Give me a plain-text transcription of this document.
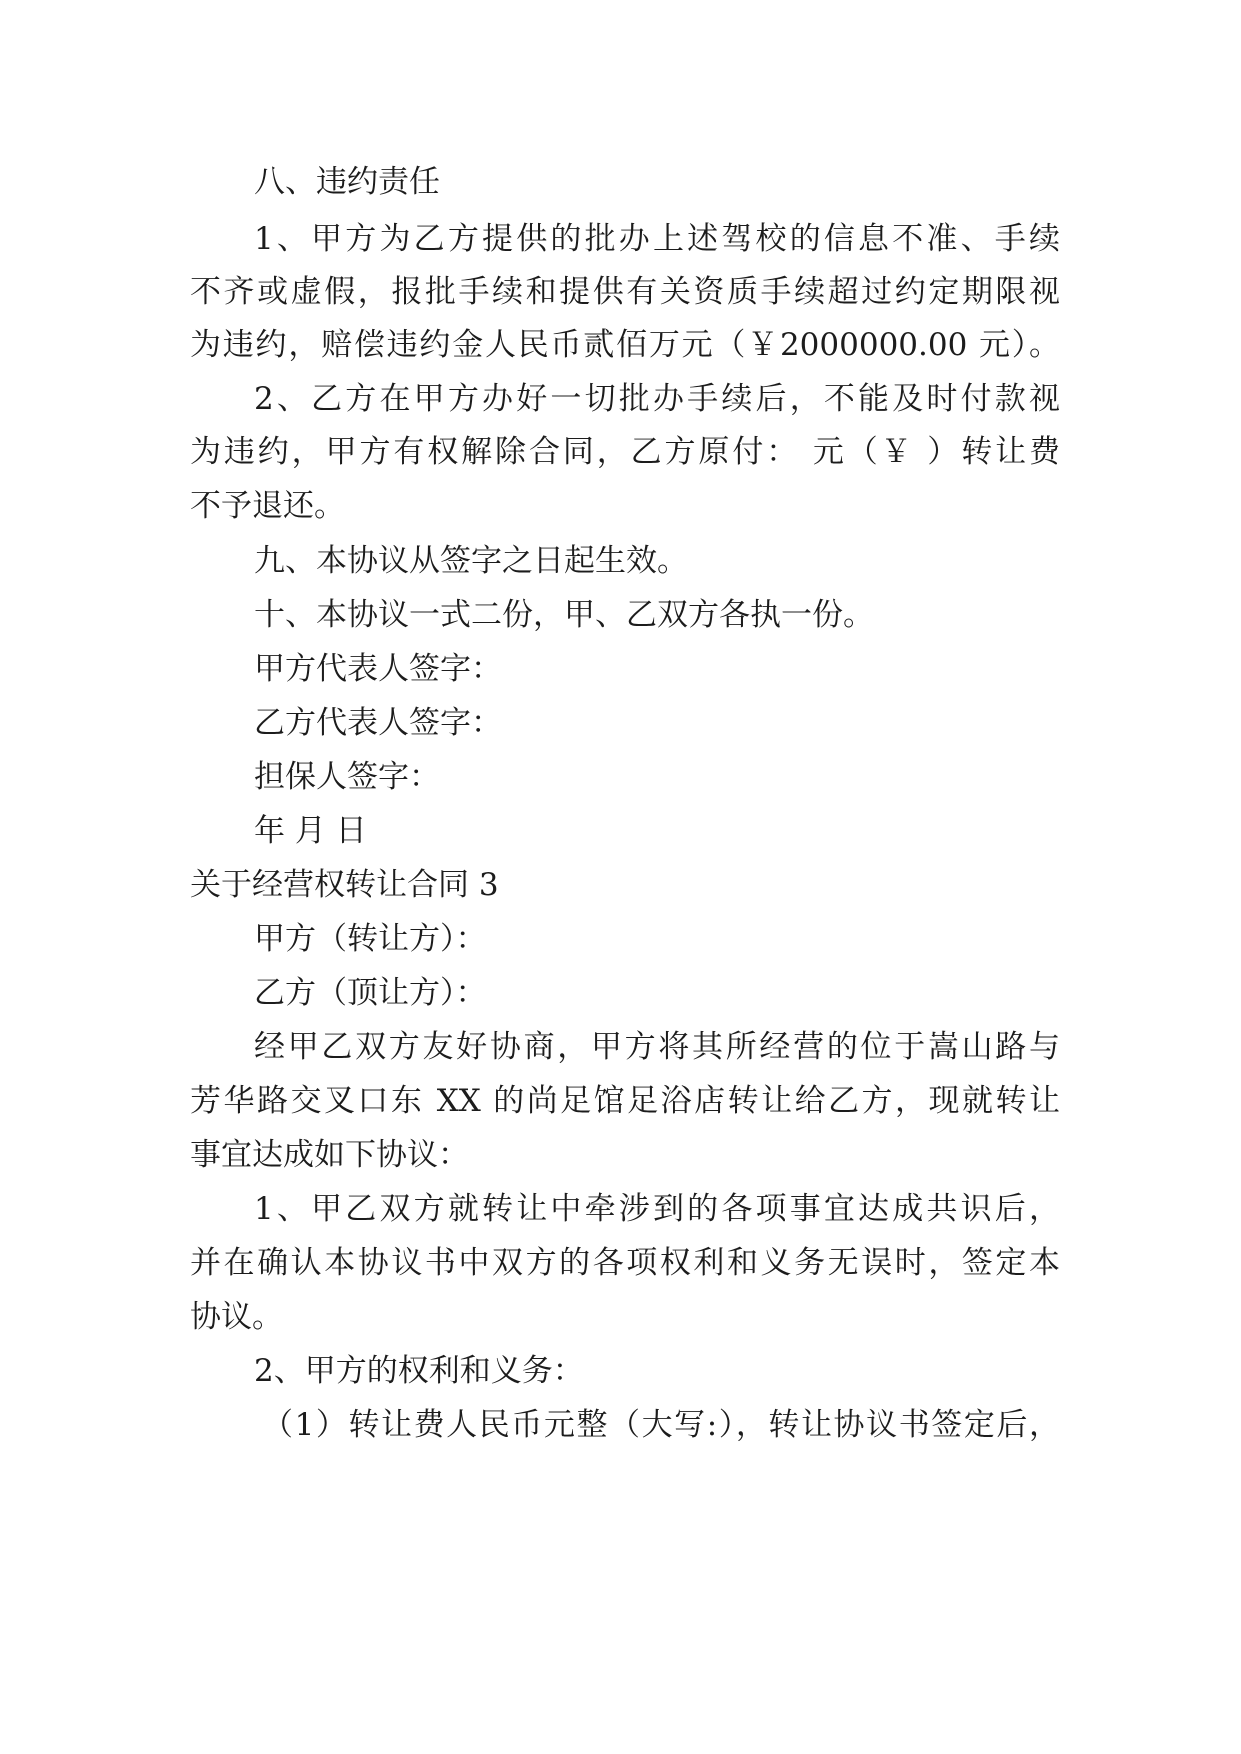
八、违约责任
1、甲方为乙方提供的批办上述驾校的信息不准、手续
不齐或虚假，报批手续和提供有关资质手续超过约定期限视
为违约，赔偿违约金人民币贰佰万元（￥2000000.00 元）。
2、乙方在甲方办好一切批办手续后，不能及时付款视
为违约，甲方有权解除合同，乙方原付： 元（￥ ）转让费
不予退还。
九、本协议从签字之日起生效。
十、本协议一式二份，甲、乙双方各执一份。
甲方代表人签字：
乙方代表人签字：
担保人签字：
年 月 日
关于经营权转让合同 3
甲方（转让方）：
乙方（顶让方）：
经甲乙双方友好协商，甲方将其所经营的位于嵩山路与
芳华路交叉口东 XX 的尚足馆足浴店转让给乙方，现就转让
事宜达成如下协议：
1、甲乙双方就转让中牵涉到的各项事宜达成共识后，
并在确认本协议书中双方的各项权利和义务无误时，签定本
协议。
2、甲方的权利和义务：
（1）转让费人民币元整（大写:），转让协议书签定后，
